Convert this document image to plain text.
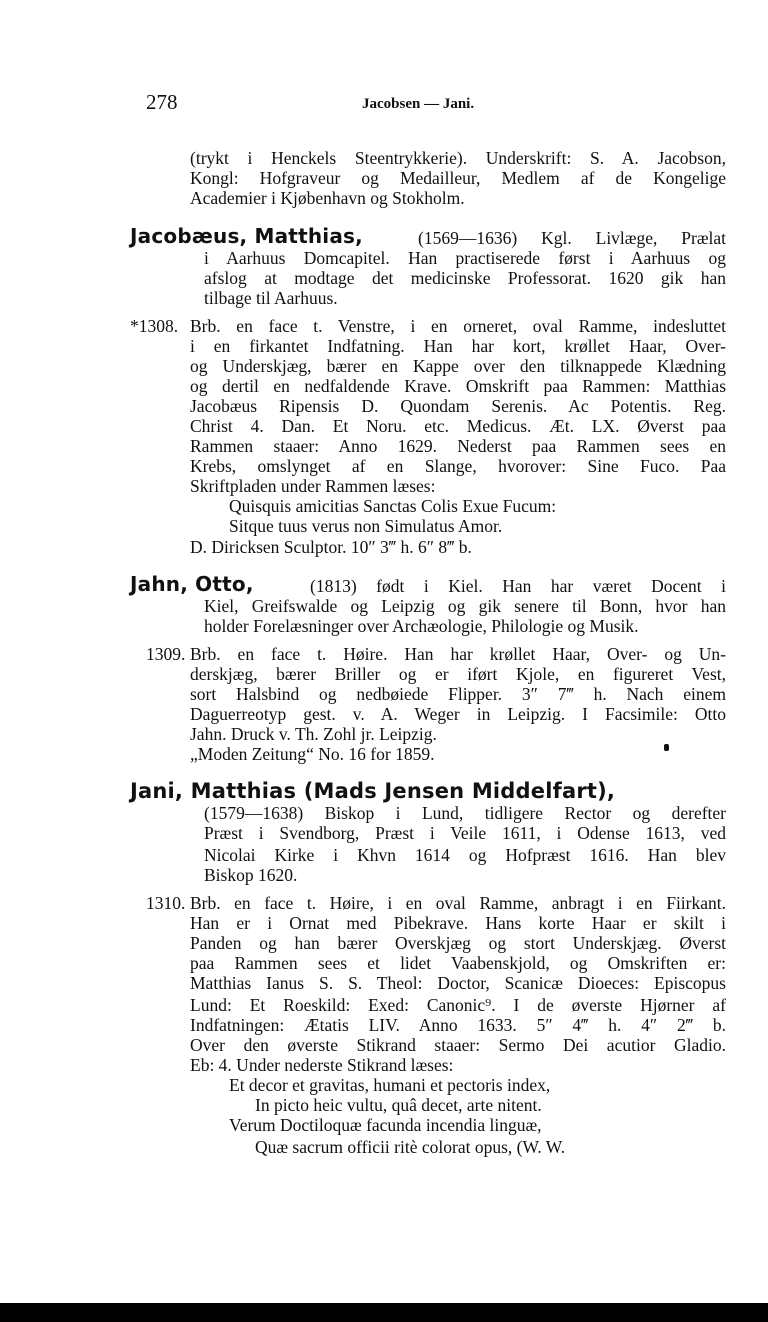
278	Jacobsen — Jani.
(trykt i Henckels Steentrykkerie). Underskrift: S. A. Jacobson,
Kongl: Hofgraveur og Medailleur, Medlem af de Kongelige
Academier i Kjøbenhavn og Stokholm.
Jacobæus, Matthias,	(1569—1636) Kgl. Livlæge, Prælat
i Aarhuus Domcapitel. Han practiserede først i Aarhuus og
afslog at modtage det medicinske Professorat. 1620 gik han
tilbage til Aarhuus.
*1308. Brb. en face t. Venstre, i en orneret, oval Ramme, indesluttet
i en firkantet Indfatning. Han har kort, krøllet Haar, Over-
og Underskjæg, bærer en Kappe over den tilknappede Klædning
og dertil en nedfaldende Krave. Omskrift paa Rammen: Matthias
Jacobæus Ripensis D. Quondam Serenis. Ac Potentis. Reg.
Christ 4. Dan. Et Noru. etc. Medicus. Æt. LX. Øverst paa
Rammen staaer: Anno 1629. Nederst paa Rammen sees en
Krebs, omslynget af en Slange, hvorover: Sine Fuco. Paa
Skriftpladen under Rammen læses:
Quisquis amicitias Sanctas Colis Exue Fucum:
Sitque tuus verus non Simulatus Amor.
D. Diricksen Sculptor. 10″ 3‴ h. 6″ 8‴ b.
Jahn, Otto,	(1813) født i Kiel. Han har været Docent i
Kiel, Greifswalde og Leipzig og gik senere til Bonn, hvor han
holder Forelæsninger over Archæologie, Philologie og Musik.
1309. Brb. en face t. Høire. Han har krøllet Haar, Over- og Un-
derskjæg, bærer Briller og er iført Kjole, en figureret Vest,
sort Halsbind og nedbøiede Flipper. 3″ 7‴ h. Nach einem
Daguerreotyp gest. v. A. Weger in Leipzig. I Facsimile: Otto
Jahn. Druck v. Th. Zohl jr. Leipzig.
„Moden Zeitung“ No. 16 for 1859.
Jani, Matthias (Mads Jensen Middelfart),
(1579—1638) Biskop i Lund, tidligere Rector og derefter
Præst i Svendborg, Præst i Veile 1611, i Odense 1613, ved
Nicolai Kirke i Khvn 1614 og Hofpræst 1616. Han blev
Biskop 1620.
1310. Brb. en face t. Høire, i en oval Ramme, anbragt i en Fiirkant.
Han er i Ornat med Pibekrave. Hans korte Haar er skilt i
Panden og han bærer Overskjæg og stort Underskjæg. Øverst
paa Rammen sees et lidet Vaabenskjold, og Omskriften er:
Matthias Ianus S. S. Theol: Doctor, Scanicæ Dioeces: Episcopus
Lund: Et Roeskild: Exed: Canonic⁹. I de øverste Hjørner af
Indfatningen: Ætatis LIV. Anno 1633. 5″ 4‴ h. 4″ 2‴ b.
Over den øverste Stikrand staaer: Sermo Dei acutior Gladio.
Eb: 4. Under nederste Stikrand læses:
Et decor et gravitas, humani et pectoris index,
In picto heic vultu, quâ decet, arte nitent.
Verum Doctiloquæ facunda incendia linguæ,
Quæ sacrum officii ritè colorat opus, (W. W.
